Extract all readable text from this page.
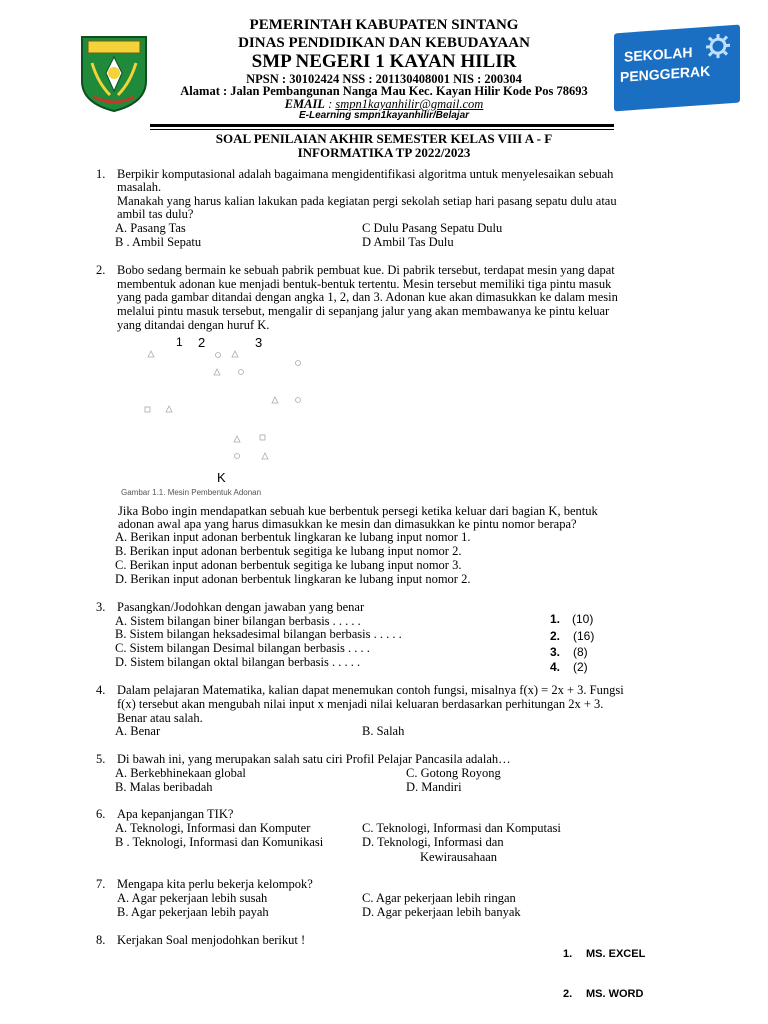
PEMERINTAH KABUPATEN SINTANG
DINAS PENDIDIKAN DAN KEBUDAYAAN
SMP NEGERI 1 KAYAN HILIR
NPSN : 30102424 NSS : 201130408001 NIS : 200304
Alamat : Jalan Pembangunan Nanga Mau Kec. Kayan Hilir Kode Pos 78693
EMAIL : smpn1kayanhilir@gmail.com
E-Learning smpn1kayanhilir/Belajar
SEKOLAH
PENGGERAK
SOAL PENILAIAN AKHIR SEMESTER KELAS VIII A - F
INFORMATIKA TP 2022/2023
1. Berpikir komputasional adalah bagaimana mengidentifikasi algoritma untuk menyelesaikan sebuah
masalah.
Manakah yang harus kalian lakukan pada kegiatan pergi sekolah setiap hari pasang sepatu dulu atau
ambil tas dulu?
A. Pasang Tas
B . Ambil Sepatu
C Dulu Pasang Sepatu Dulu
D Ambil Tas Dulu
2. Bobo sedang bermain ke sebuah pabrik pembuat kue. Di pabrik tersebut, terdapat mesin yang dapat
membentuk adonan kue menjadi bentuk-bentuk tertentu. Mesin tersebut memiliki tiga pintu masuk
yang pada gambar ditandai dengan angka 1, 2, dan 3. Adonan kue akan dimasukkan ke dalam mesin
melalui pintu masuk tersebut, mengalir di sepanjang jalur yang akan membawanya ke pintu keluar
yang ditandai dengan huruf K.
1 2	3
K
Gambar 1.1. Mesin Pembentuk Adonan
Jika Bobo ingin mendapatkan sebuah kue berbentuk persegi ketika keluar dari bagian K, bentuk
adonan awal apa yang harus dimasukkan ke mesin dan dimasukkan ke pintu nomor berapa?
A. Berikan input adonan berbentuk lingkaran ke lubang input nomor 1.
B. Berikan input adonan berbentuk segitiga ke lubang input nomor 2.
C. Berikan input adonan berbentuk segitiga ke lubang input nomor 3.
D. Berikan input adonan berbentuk lingkaran ke lubang input nomor 2.
3. Pasangkan/Jodohkan dengan jawaban yang benar
A. Sistem bilangan biner bilangan berbasis . . . . .
B. Sistem bilangan heksadesimal bilangan berbasis . . . . .
C. Sistem bilangan Desimal bilangan berbasis . . . .
D. Sistem bilangan oktal bilangan berbasis . . . . .
1. (10)
2. (16)
3. (8)
4. (2)
4. Dalam pelajaran Matematika, kalian dapat menemukan contoh fungsi, misalnya f(x) = 2x + 3. Fungsi
f(x) tersebut akan mengubah nilai input x menjadi nilai keluaran berdasarkan perhitungan 2x + 3.
Benar atau salah.
A. Benar	B. Salah
5. Di bawah ini, yang merupakan salah satu ciri Profil Pelajar Pancasila adalah…
A. Berkebhinekaan global
B. Malas beribadah
C. Gotong Royong
D. Mandiri
6. Apa kepanjangan TIK?
A. Teknologi, Informasi dan Komputer
B . Teknologi, Informasi dan Komunikasi
C. Teknologi, Informasi dan Komputasi
D. Teknologi, Informasi dan
Kewirausahaan
7. Mengapa kita perlu bekerja kelompok?
A. Agar pekerjaan lebih susah
B. Agar pekerjaan lebih payah
C. Agar pekerjaan lebih ringan
D. Agar pekerjaan lebih banyak
8. Kerjakan Soal menjodohkan berikut !
1. MS. EXCEL
2. MS. WORD
